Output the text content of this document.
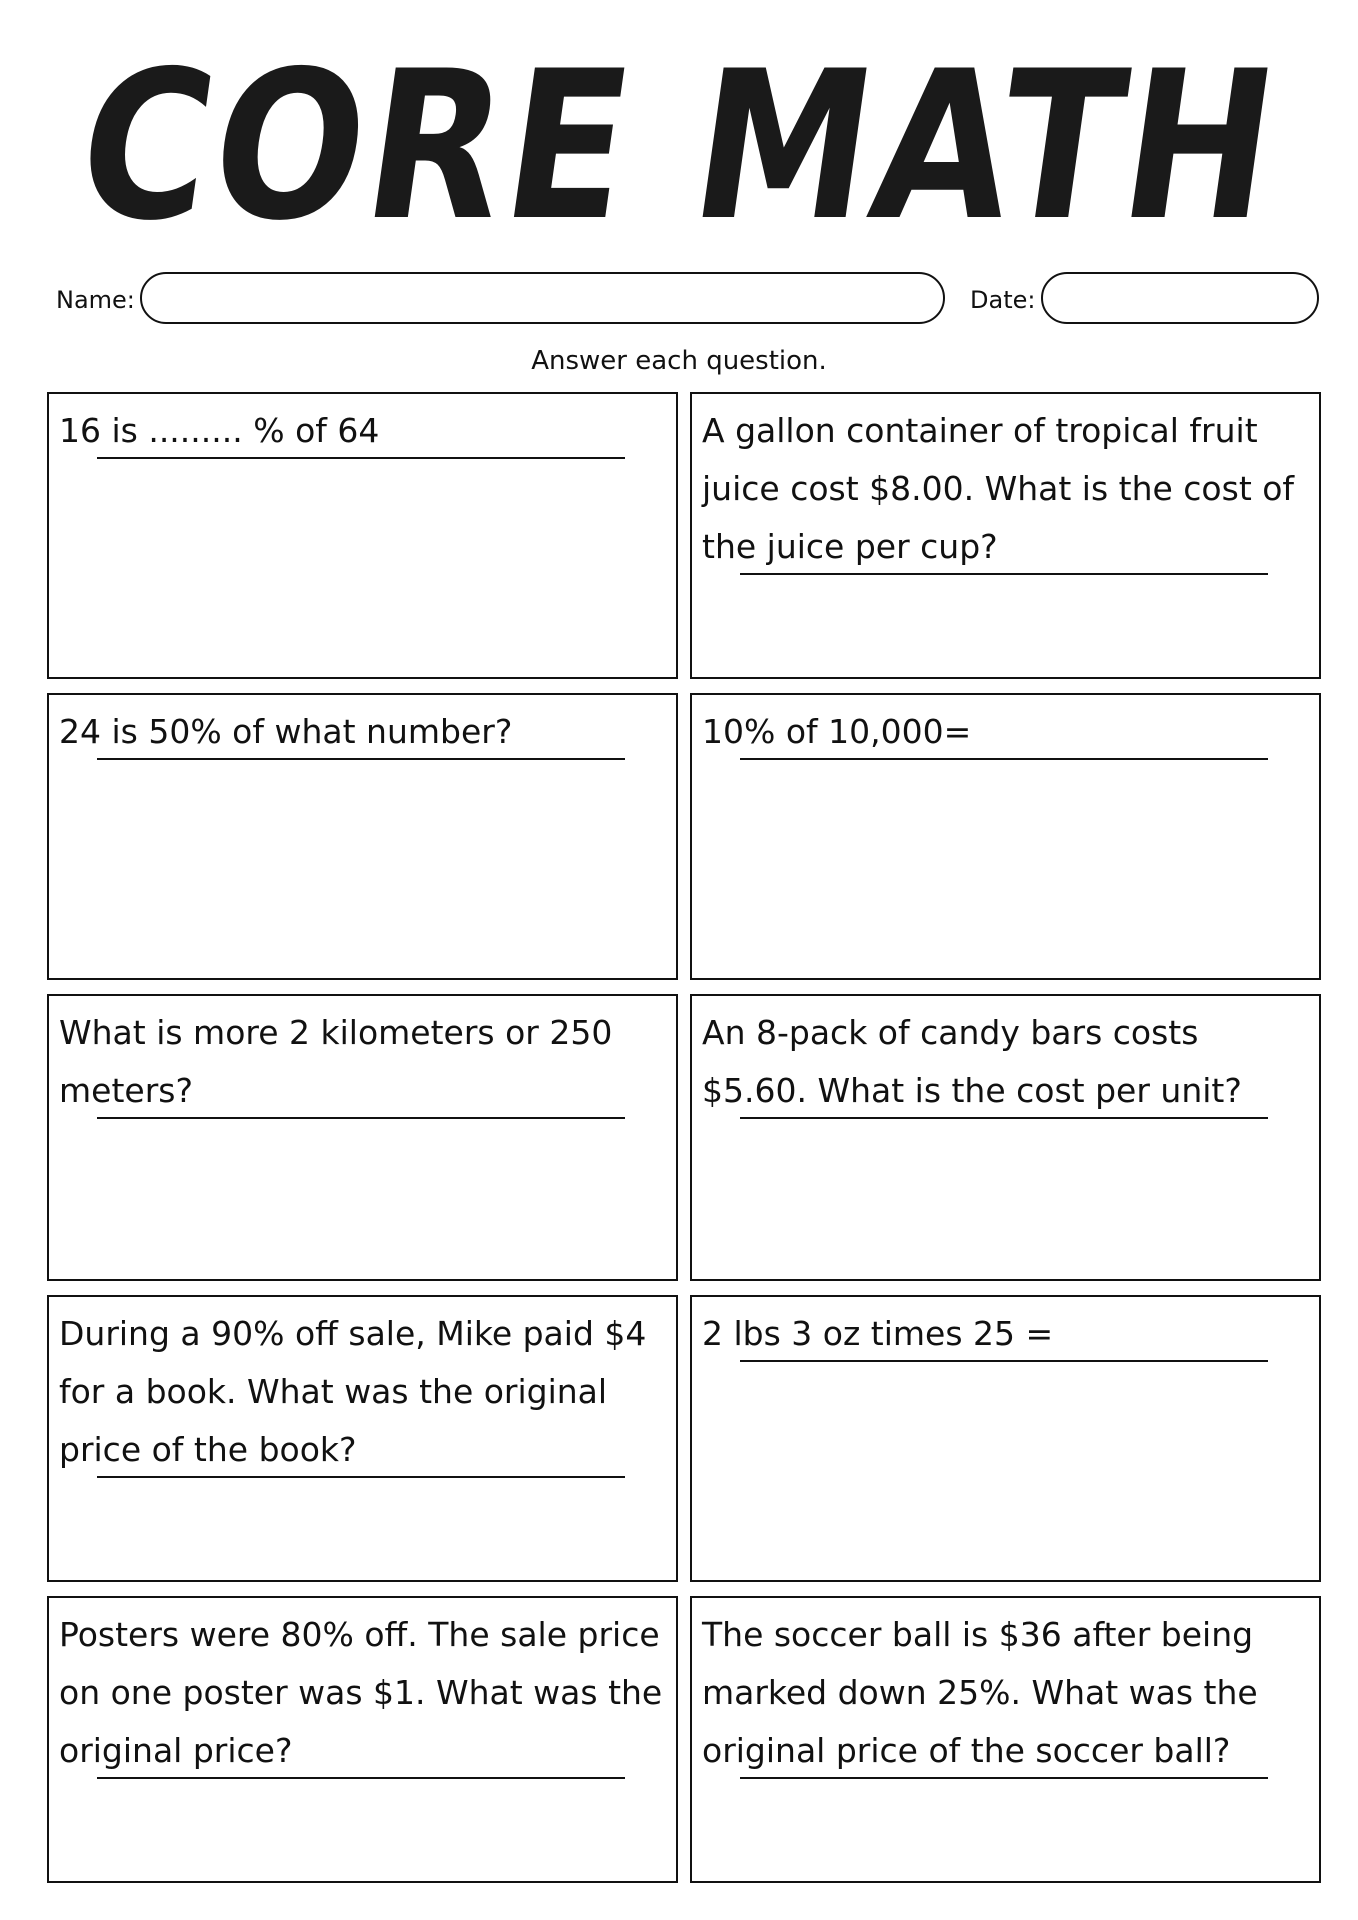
CORE MATH
Name:	Date:
Answer each question.
16 is ......... % of 64	A gallon container of tropical fruit juice cost $8.00. What is the cost of the juice per cup?
24 is 50% of what number?	10% of 10,000=
What is more 2 kilometers or 250 meters?
An 8-pack of candy bars costs $5.60. What is the cost per unit?
During a 90% off sale, Mike paid $4 for a book. What was the original price of the book?
2 lbs 3 oz times 25 =
Posters were 80% off. The sale price on one poster was $1. What was the original price?
The soccer ball is $36 after being marked down 25%. What was the original price of the soccer ball?
